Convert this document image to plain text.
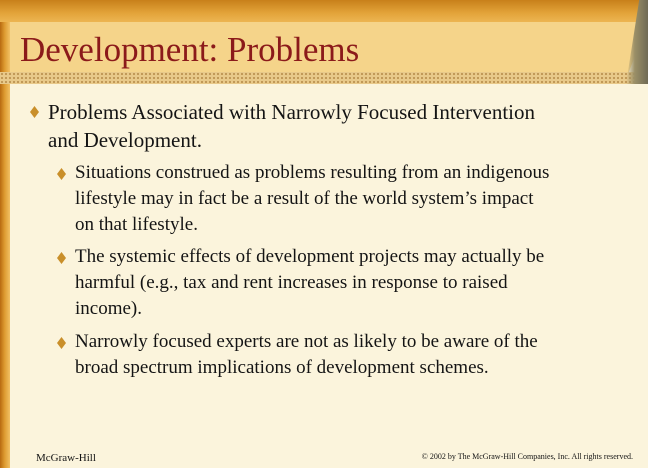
Development: Problems

Problems Associated with Narrowly Focused Intervention
and Development.

Situations construed as problems resulting from an indigenous
lifestyle may in fact be a result of the world system’s impact
on that lifestyle.

The systemic effects of development projects may actually be
harmful (e.g., tax and rent increases in response to raised
income).

Narrowly focused experts are not as likely to be aware of the
broad spectrum implications of development schemes.

McGraw-Hill	© 2002 by The McGraw-Hill Companies, Inc. All rights reserved.
